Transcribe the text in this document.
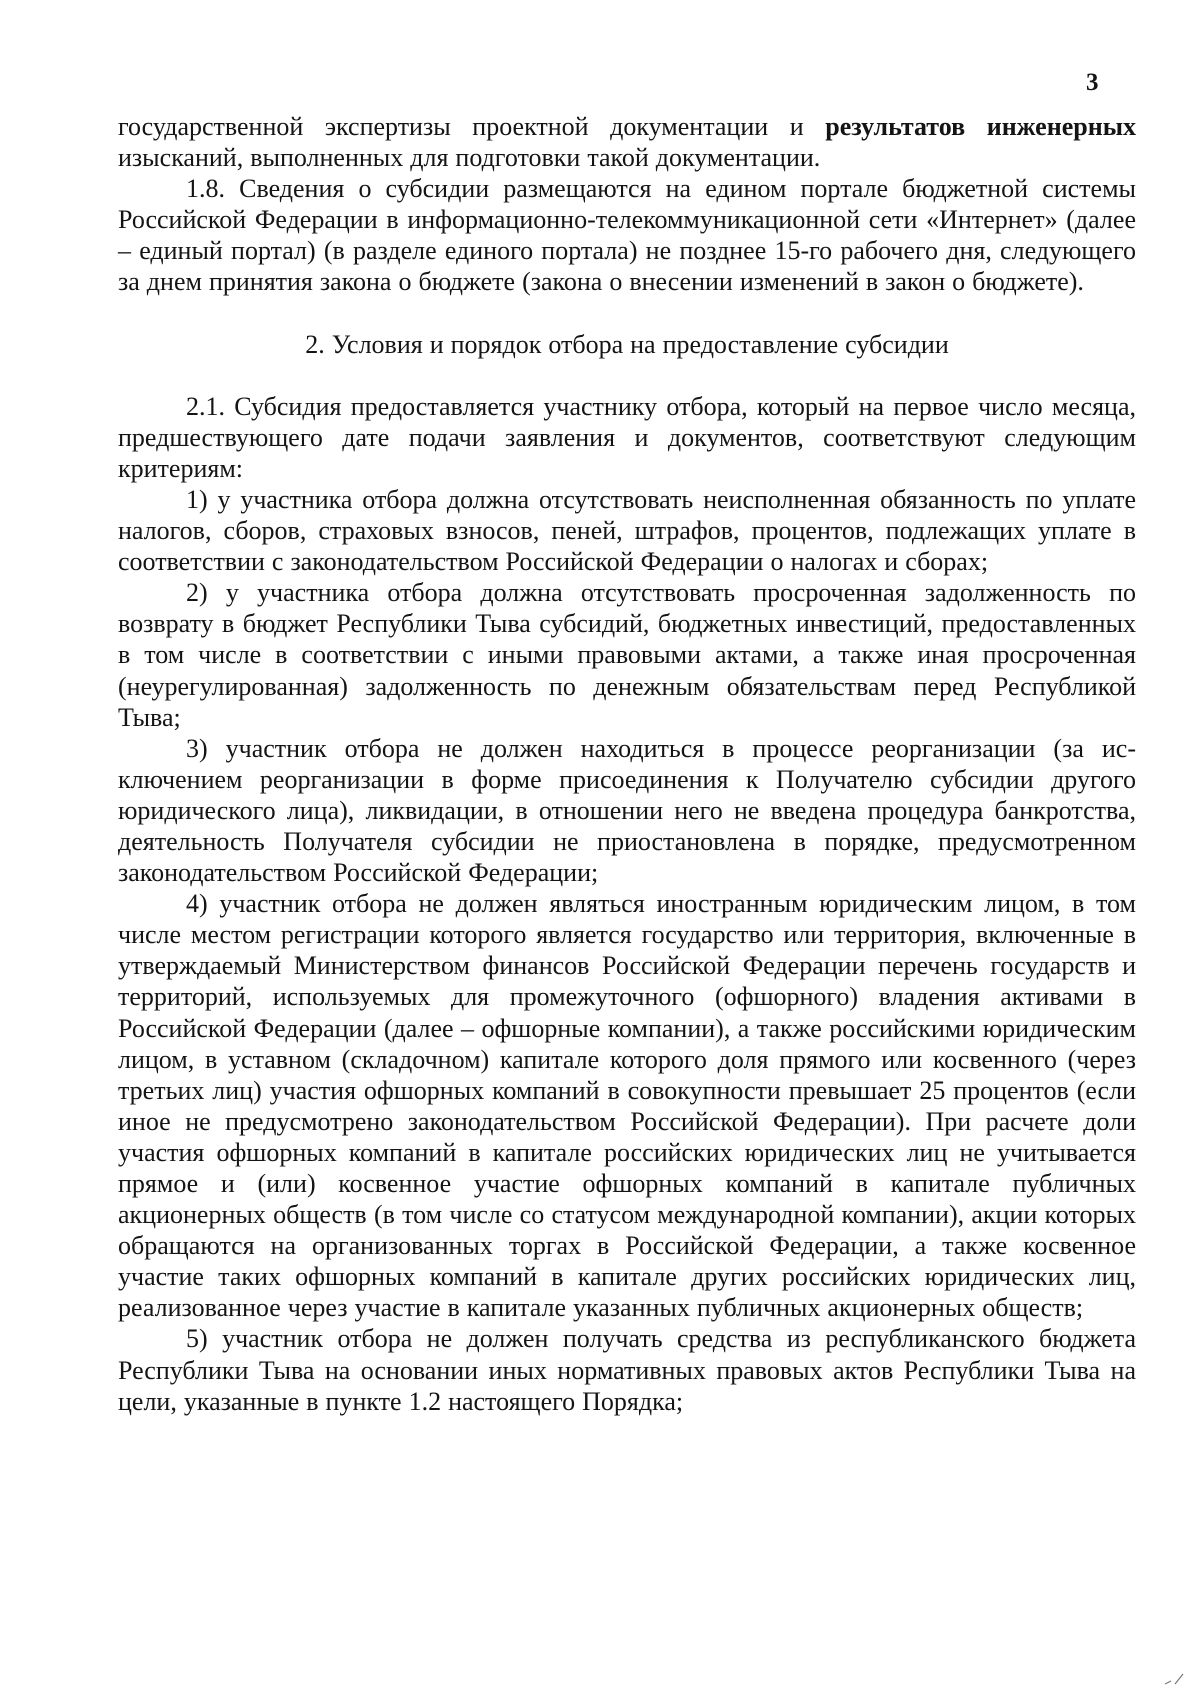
3

государственной экспертизы проектной документации и результатов инженерных изысканий, выполненных для подготовки такой документации.

1.8. Сведения о субсидии размещаются на едином портале бюджетной системы Российской Федерации в информационно-телекоммуникационной сети «Интернет» (далее – единый портал) (в разделе единого портала) не позднее 15-го рабочего дня, следующего за днем принятия закона о бюджете (закона о внесении изменений в закон о бюджете).

2. Условия и порядок отбора на предоставление субсидии

2.1. Субсидия предоставляется участнику отбора, который на первое число месяца, предшествующего дате подачи заявления и документов, соответствуют следующим критериям:

1) у участника отбора должна отсутствовать неисполненная обязанность по уплате налогов, сборов, страховых взносов, пеней, штрафов, процентов, подлежащих уплате в соответствии с законодательством Российской Федерации о налогах и сборах;

2) у участника отбора должна отсутствовать просроченная задолженность по возврату в бюджет Республики Тыва субсидий, бюджетных инвестиций, предоставленных в том числе в соответствии с иными правовыми актами, а также иная просроченная (неурегулированная) задолженность по денежным обязательствам перед Республикой Тыва;

3) участник отбора не должен находиться в процессе реорганизации (за исключением реорганизации в форме присоединения к Получателю субсидии другого юридического лица), ликвидации, в отношении него не введена процедура банкротства, деятельность Получателя субсидии не приостановлена в порядке, предусмотренном законодательством Российской Федерации;

4) участник отбора не должен являться иностранным юридическим лицом, в том числе местом регистрации которого является государство или территория, включенные в утверждаемый Министерством финансов Российской Федерации перечень государств и территорий, используемых для промежуточного (офшорного) владения активами в Российской Федерации (далее – офшорные компании), а также российскими юридическим лицом, в уставном (складочном) капитале которого доля прямого или косвенного (через третьих лиц) участия офшорных компаний в совокупности превышает 25 процентов (если иное не предусмотрено законодательством Российской Федерации). При расчете доли участия офшорных компаний в капитале российских юридических лиц не учитывается прямое и (или) косвенное участие офшорных компаний в капитале публичных акционерных обществ (в том числе со статусом международной компании), акции которых обращаются на организованных торгах в Российской Федерации, а также косвенное участие таких офшорных компаний в капитале других российских юридических лиц, реализованное через участие в капитале указанных публичных акционерных обществ;

5) участник отбора не должен получать средства из республиканского бюджета Республики Тыва на основании иных нормативных правовых актов Республики Тыва на цели, указанные в пункте 1.2 настоящего Порядка;
